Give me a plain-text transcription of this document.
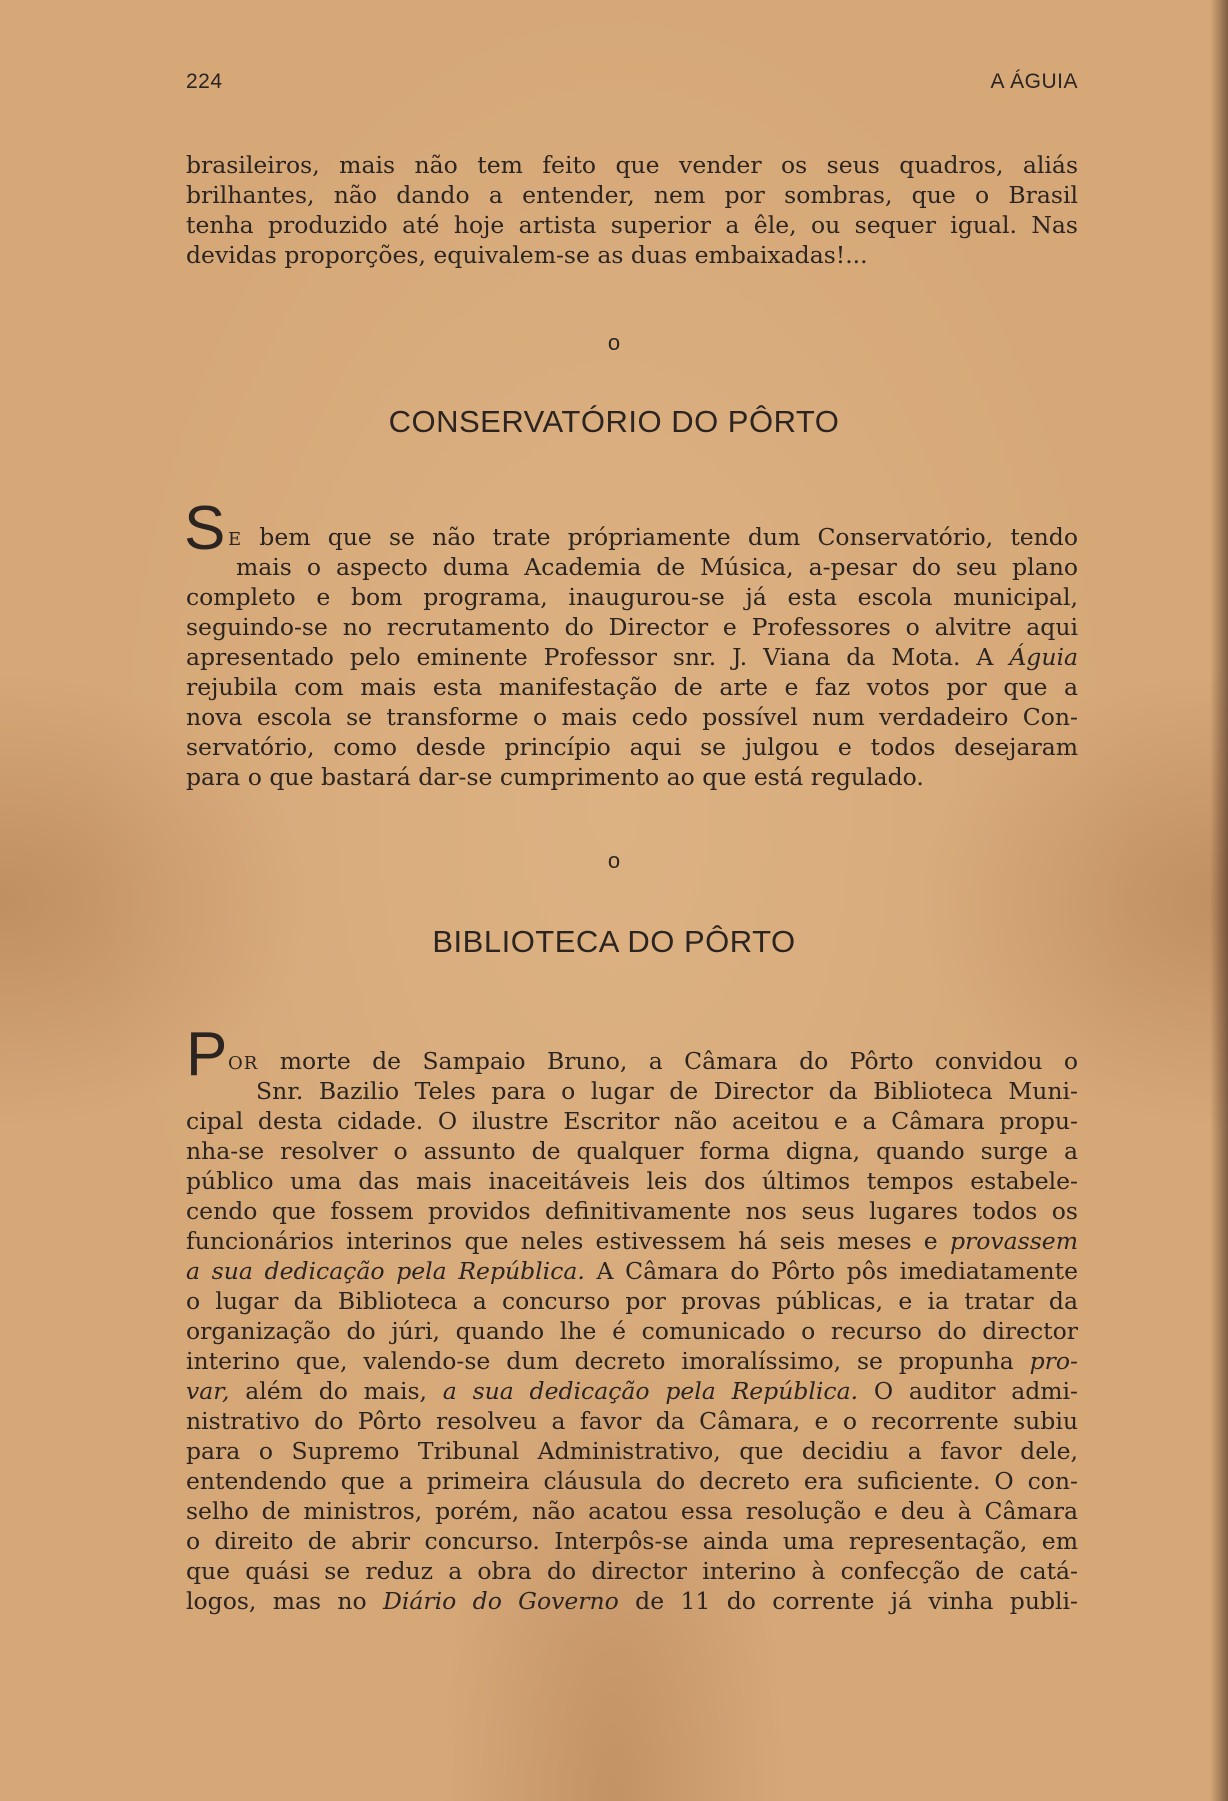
224	A ÁGUIA
brasileiros, mais não tem feito que vender os seus quadros, aliás
brilhantes, não dando a entender, nem por sombras, que o Brasil
tenha produzido até hoje artista superior a êle, ou sequer igual. Nas
devidas proporções, equivalem-se as duas embaixadas!...
o
CONSERVATÓRIO DO PÔRTO
S E bem que se não trate própriamente dum Conservatório, tendo
mais o aspecto duma Academia de Música, a-pesar do seu plano
completo e bom programa, inaugurou-se já esta escola municipal,
seguindo-se no recrutamento do Director e Professores o alvitre aqui
apresentado pelo eminente Professor snr. J. Viana da Mota. A Águia
rejubila com mais esta manifestação de arte e faz votos por que a
nova escola se transforme o mais cedo possível num verdadeiro Con-
servatório, como desde princípio aqui se julgou e todos desejaram
para o que bastará dar-se cumprimento ao que está regulado.
o
BIBLIOTECA DO PÔRTO
P OR morte de Sampaio Bruno, a Câmara do Pôrto convidou o
Snr. Bazilio Teles para o lugar de Director da Biblioteca Muni-
cipal desta cidade. O ilustre Escritor não aceitou e a Câmara propu-
nha-se resolver o assunto de qualquer forma digna, quando surge a
público uma das mais inaceitáveis leis dos últimos tempos estabele-
cendo que fossem providos definitivamente nos seus lugares todos os
funcionários interinos que neles estivessem há seis meses e provassem
a sua dedicação pela República. A Câmara do Pôrto pôs imediatamente
o lugar da Biblioteca a concurso por provas públicas, e ia tratar da
organização do júri, quando lhe é comunicado o recurso do director
interino que, valendo-se dum decreto imoralíssimo, se propunha pro-
var, além do mais, a sua dedicação pela República. O auditor admi-
nistrativo do Pôrto resolveu a favor da Câmara, e o recorrente subiu
para o Supremo Tribunal Administrativo, que decidiu a favor dele,
entendendo que a primeira cláusula do decreto era suficiente. O con-
selho de ministros, porém, não acatou essa resolução e deu à Câmara
o direito de abrir concurso. Interpôs-se ainda uma representação, em
que quási se reduz a obra do director interino à confecção de catá-
logos, mas no Diário do Governo de 11 do corrente já vinha publi-
